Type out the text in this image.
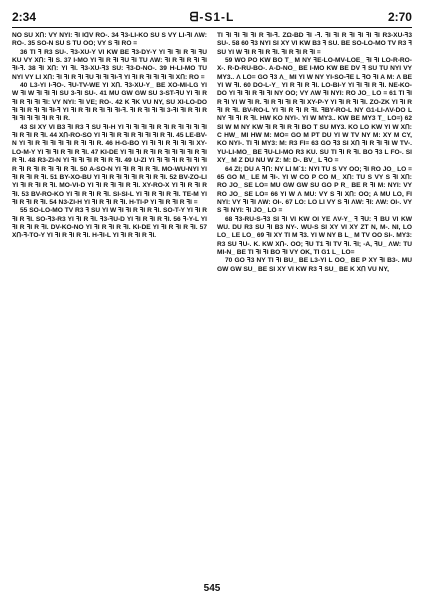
2:34	ᗺ-S1-L	2:70

NO SU XՈ: VY NYI: ꟻI IᗡV RO-. 34 ꟻ3-LI-KO SU S VY LI-ꟻI ΛW: RO-. 35 SO-N SU S TU ΟΟ; VY S ꟻI RO =

36 TI ꟻ R3 SU-. ꟻ3-XU-Y VI KW BE ꟻ3-DY-Y YI ꟻI ꟻI R ꟻI ꟻU KU VY XՈ: ꟻI S. 37 I-MO YI ꟻI R ꟻI ꟻU ꟻI TU ΛW: ꟻI R ꟻI R ꟻI ꟻI ꟻI-ꟻ. 38 ꟻI XՈ: YI ꟻI. ꟻ3-XU-ꟻ3 SU: ꟻ3-D-NO-. 39 H-LI-MO TU NYI VY LI XՈ: ꟻI ꟻI R ꟻI ꟻU ꟻI ꟻI ꟻI-ꟻ YI ꟻI R ꟻI ꟻI ꟻI ꟻI XՈ: RO =

40 L3-YI I-ꟻO-. ꟻU-TV-WE YI XՈ. ꟻ3-XU-Y_ BE XO-MI-LG YI W ꟻI W ꟻI ꟻI ꟻI SU 3-ꟻI SU-. 41 MU GW GW SU 3-ST-ꟻU YI ꟻI R ꟻI R ꟻI ꟻI ꟻI: VY NYI: ꟻI VE; RO-. 42 K ꟻK VU NY, SU XI-LO-DO ꟻI ꟻI R ꟻI ꟻI ꟻI-ꟻ YI ꟻI R ꟻI R ꟻI ꟻI ꟻI-ꟻ. ꟻI R ꟻI ꟻI ꟻI 3-ꟻI ꟻI R ꟻI R ꟻI ꟻI ꟻI ꟻI ꟻI R ꟻI R.

43 SI XY VI B3 ꟻI R3 ꟻ SU ꟻI-H YI ꟻI ꟻI ꟻI ꟻI R ꟻI R ꟻI ꟻI ꟻI ꟻI ꟻI R ꟻI R ꟻI. 44 XՈ-RO-SO YI ꟻI ꟻI R ꟻI R ꟻI ꟻI ꟻI R ꟻI. 45 LE-BV-N YI ꟻI R ꟻI ꟻI ꟻI ꟻI R ꟻI ꟻI R. 46 H-G-BO YI ꟻI ꟻI R ꟻI ꟻI ꟻI XY-LO-M-Y YI ꟻI ꟻI R ꟻI R ꟻI. 47 KI-DE YI ꟻI ꟻI R ꟻI R ꟻI ꟻI ꟻI ꟻI R ꟻI R ꟻI. 48 R3-ZI-N YI ꟻI ꟻI ꟻI R ꟻI R ꟻI. 49 U-ZI YI ꟻI ꟻI ꟻI R ꟻI ꟻI ꟻI R ꟻI R ꟻI R ꟻI ꟻI R ꟻI. 50 A-SO-N YI ꟻI R ꟻI R ꟻI. MO-WU-NYI YI ꟻI R ꟻI R ꟻI. 51 BY-XO-BU YI ꟻI R ꟻI ꟻI ꟻI R ꟻI R ꟻI. 52 BV-ZO-LI YI ꟻI R ꟻI R ꟻI. MO-VI-D YI ꟻI R ꟻI ꟻI R ꟻI. XY-RO-X YI ꟻI R ꟻI R ꟻI. 53 BV-RO-KO YI ꟻI R ꟻI R ꟻI. SI-SI-L YI ꟻI R ꟻI R ꟻI. TE-M YI ꟻI R ꟻI R ꟻI. 54 N3-ZI-H YI ꟻI R ꟻI R ꟻI. H-TI-P YI ꟻI R ꟻI R ꟻI =

55 SO-LO-MO TV R3 ꟻ SU YI W ꟻI ꟻI R ꟻI R ꟻI. SO-T-Y YI ꟻI R ꟻI R ꟻI. SO-ꟻ3-R3 YI ꟻI R ꟻI. ꟻ3-ꟻU-D YI ꟻI R ꟻI R ꟻI. 56 ꟻ-Y-L YI ꟻI R ꟻI R ꟻI. DV-KO-NO YI ꟻI R ꟻI R ꟻI. KI-DE YI ꟻI R ꟻI R ꟻI. 57 XՈ-ꟻ-TO-Y YI ꟻI R ꟻI R ꟻI. H-ꟻI-L YI ꟻI R ꟻI R ꟻI.

TI ꟻI ꟻI ꟻI ꟻI R ꟻI-ꟻ. ZΩ-BD ꟻI -ꟻ. ꟻI ꟻI R ꟻI ꟻI ꟻI ꟻI R3-XU-ꟻ3 SU-. 58 60 ꟻ3 NYI SI XY VI KW B3 ꟻ SU. BE SO-LO-MO TV R3 ꟻ SU YI W ꟻI R ꟻI R ꟻI. ꟻI R ꟻI R ꟻI =

59 WO PO KW BO T_ M NY ꟻE-LO-MV-LOE_ ꟻI ꟻI LO-R-RO-X-. R-D-RU-BO-. A-D-NO_ BE I-MO KW BE DV ꟻ SU TU NYI VY MY3.. Λ LO= GO ꟻ3 Λ_ MI YI W NY YI-SO-ꟻE L ꟻO ꟻI A M: Λ BE YI W ꟻI. 60 DO-L-Y_ YI R ꟻI R ꟻI. LO-BI-Y YI ꟻI ꟻI R ꟻI. NE-KO-DO YI ꟻI ꟻI R ꟻI ꟻI NY ΟΟ; VY ΛW ꟻI NYI: RO JO_ LO = 61 TI ꟻI R ꟻI YI W ꟻI R. ꟻI R ꟻI ꟻI R ꟻI XY-P-Y YI ꟻI R ꟻI ꟻI. ZO-ZK YI ꟻI R ꟻI R ꟻI. BV-RO-L YI ꟻI R ꟻI R ꟻI. ꟻBY-RO-L NY G1-LI-ΛV-DO L NY ꟻI ꟻI R ꟻI. HW KO NYI-. YI W MY3.. KW BE MY3 T_ LO=) 62 SI W M NY KW ꟻI R ꟻI R ꟻI BO T SU MY3. KO LO KW YI W XՈ: C HW_ MI HW M: MO= GO M PT DU YI W TV NY M: XY M CY, KO NYI-. TI ꟻI MY3: M: R3 FI= 63 GO ꟻ3 SI XՈ ꟻI R ꟻI ꟻI W TV-. YU-LI-MO_ BE ꟻU-LI-MO R3 KU. SU TI ꟻI R ꟻI. BO ꟻ3 L FO-. SI XY_ M Z DU NU W Z: M: D-. BV_ L ꟻO =

64 ZI; DU A ꟻՈ: NY LI M΄1: NYI TU S VY ΟΟ; ꟻI RO JO_ LO = 65 GO M_ LE M ꟻI-. YI W CO P CO M_ XՈ: TU S VY S ꟻI XՈ: RO JO_ SE LO= MU GW GW SU GO P R_ BE R ꟻI M: NYI: VY RO JO_ SE LO= 66 YI W Λ MU: VY S ꟻI XՈ: ΟΟ; A MU LO, FI NYI: VY ꟻI ꟻI ΛW: ΟI-. 67 LO: LO LI VY S ꟻI ΛW: ꟻI: ΛW: ΟI-. VY S ꟻI NYI: ꟻI JO_ LO =

68 ꟻ3-RU-S-ꟻ3 SI ꟻI VI KW ΟI YE ΛV-Y_ ꟻ ꟻU: ꟻ BU VI KW WU. DU R3 SU ꟻI B3 NY-. WU-S SI XY VI XY ZT N, M-. NI, LO LO_ LE LO_ 69 ꟻI XY TI M ꟻ3. YI W NY B L_ M TV ΟO SI-. MY3: R3 SU ꟻU-. K. KW XՈ-. ΟO; ꟻU T1 ꟻI TV ꟻI. ꟻI; -A, ꟻU_ ΛW: TU MI-N_ BE TI ꟻI ꟻI BO ꟻI VY ΟK, TI G1 L_ LO=

70 GO ꟻ3 NY TI ꟻI BU_ BE L3-YI L ΟO_ BE P XY ꟻI B3-. MU GW GW SU_ BE SI XY VI KW R3 ꟻ SU_ BE K XՈ VU NY,

545
